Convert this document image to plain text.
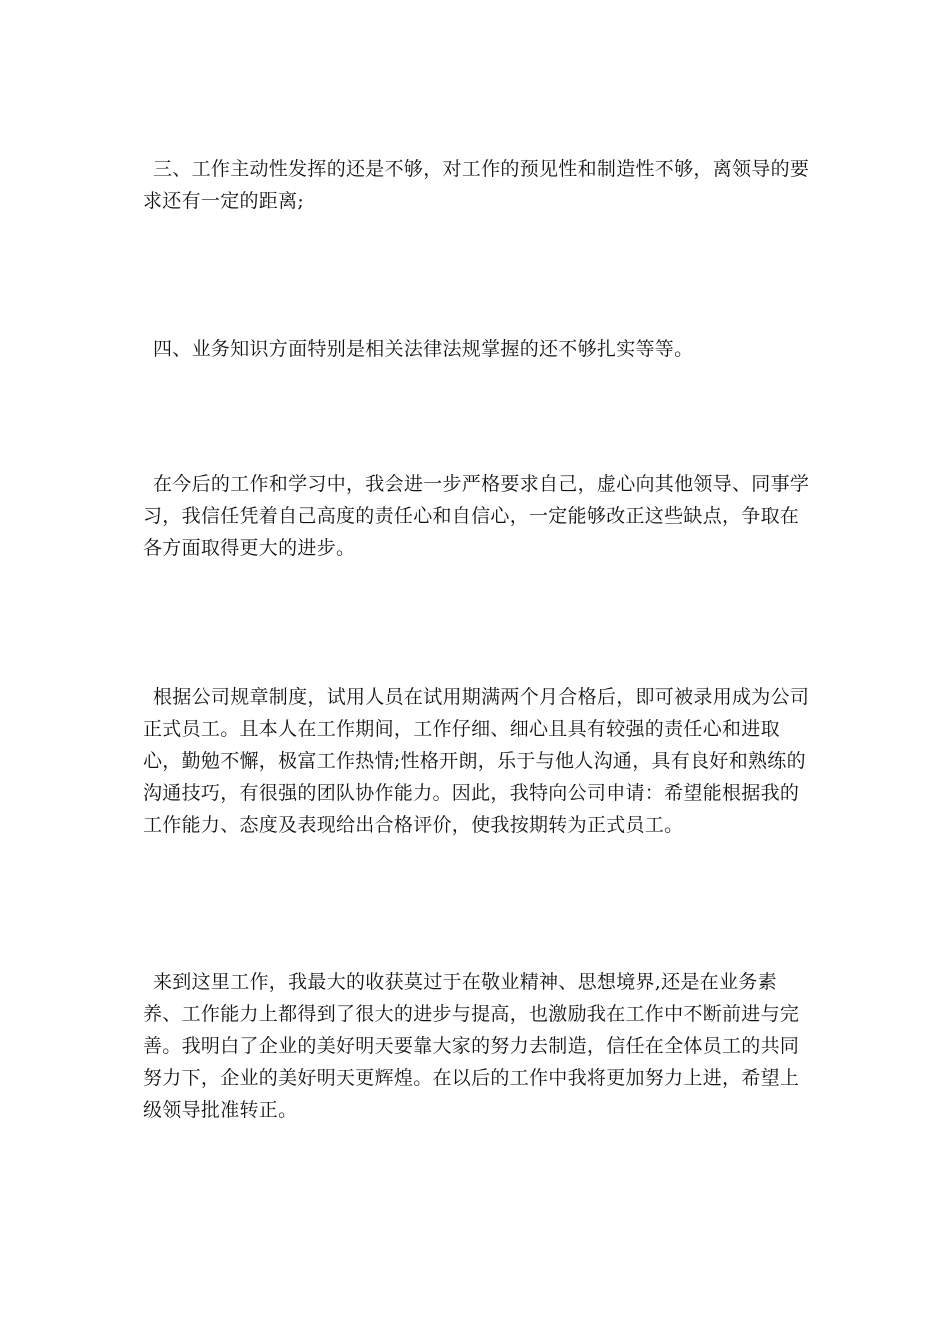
三、工作主动性发挥的还是不够，对工作的预见性和制造性不够，离领导的要求还有一定的距离;

四、业务知识方面特别是相关法律法规掌握的还不够扎实等等。

在今后的工作和学习中，我会进一步严格要求自己，虚心向其他领导、同事学习，我信任凭着自己高度的责任心和自信心，一定能够改正这些缺点，争取在各方面取得更大的进步。

根据公司规章制度，试用人员在试用期满两个月合格后，即可被录用成为公司正式员工。且本人在工作期间，工作仔细、细心且具有较强的责任心和进取心，勤勉不懈，极富工作热情;性格开朗，乐于与他人沟通，具有良好和熟练的沟通技巧，有很强的团队协作能力。因此，我特向公司申请：希望能根据我的工作能力、态度及表现给出合格评价，使我按期转为正式员工。

来到这里工作，我最大的收获莫过于在敬业精神、思想境界,还是在业务素养、工作能力上都得到了很大的进步与提高，也激励我在工作中不断前进与完善。我明白了企业的美好明天要靠大家的努力去制造，信任在全体员工的共同努力下，企业的美好明天更辉煌。在以后的工作中我将更加努力上进，希望上级领导批准转正。
